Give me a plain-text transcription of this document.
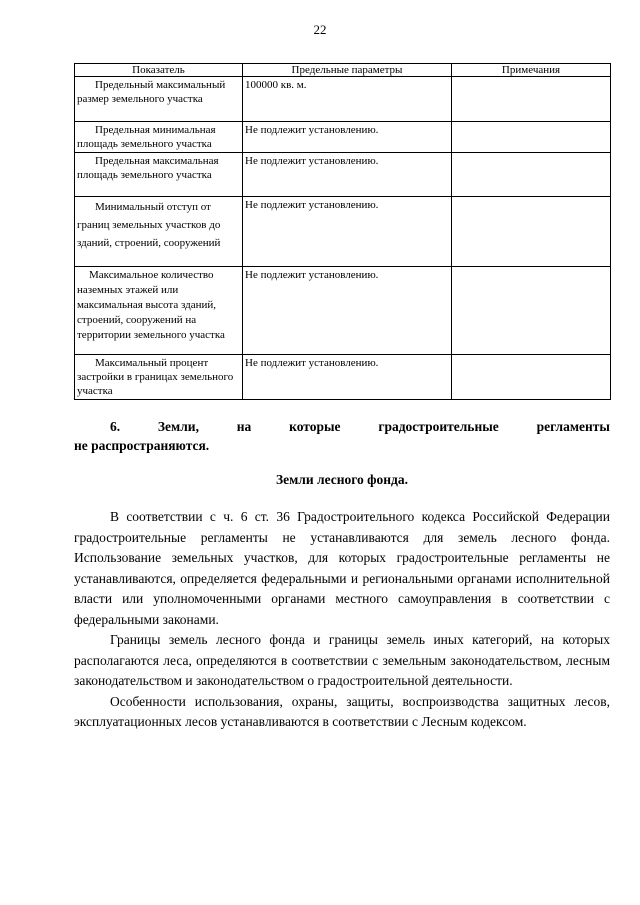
22
Показатель	Предельные параметры	Примечания
Предельный максимальный размер земельного участка	100000 кв. м.	
Предельная минимальная площадь земельного участка	Не подлежит установлению.	
Предельная максимальная площадь земельного участка	Не подлежит установлению.	
Минимальный отступ от границ земельных участков до зданий, строений, сооружений	Не подлежит установлению.	
Максимальное количество наземных этажей или максимальная высота зданий, строений, сооружений на территории земельного участка	Не подлежит установлению.	
Максимальный процент застройки в границах земельного участка	Не подлежит установлению.	
6.	Земли,	на	которые	градостроительные	регламенты
не распространяются.
Земли лесного фонда.

В соответствии с ч. 6 ст. 36 Градостроительного кодекса Российской Федерации градостроительные регламенты не устанавливаются для земель лесного фонда. Использование земельных участков, для которых градостроительные регламенты не устанавливаются, определяется федеральными и региональными органами исполнительной власти или уполномоченными органами местного самоуправления в соответствии с федеральными законами.

Границы земель лесного фонда и границы земель иных категорий, на которых располагаются леса, определяются в соответствии с земельным законодательством, лесным законодательством и законодательством о градостроительной деятельности.

Особенности использования, охраны, защиты, воспроизводства защитных лесов, эксплуатационных лесов устанавливаются в соответствии с Лесным кодексом.
